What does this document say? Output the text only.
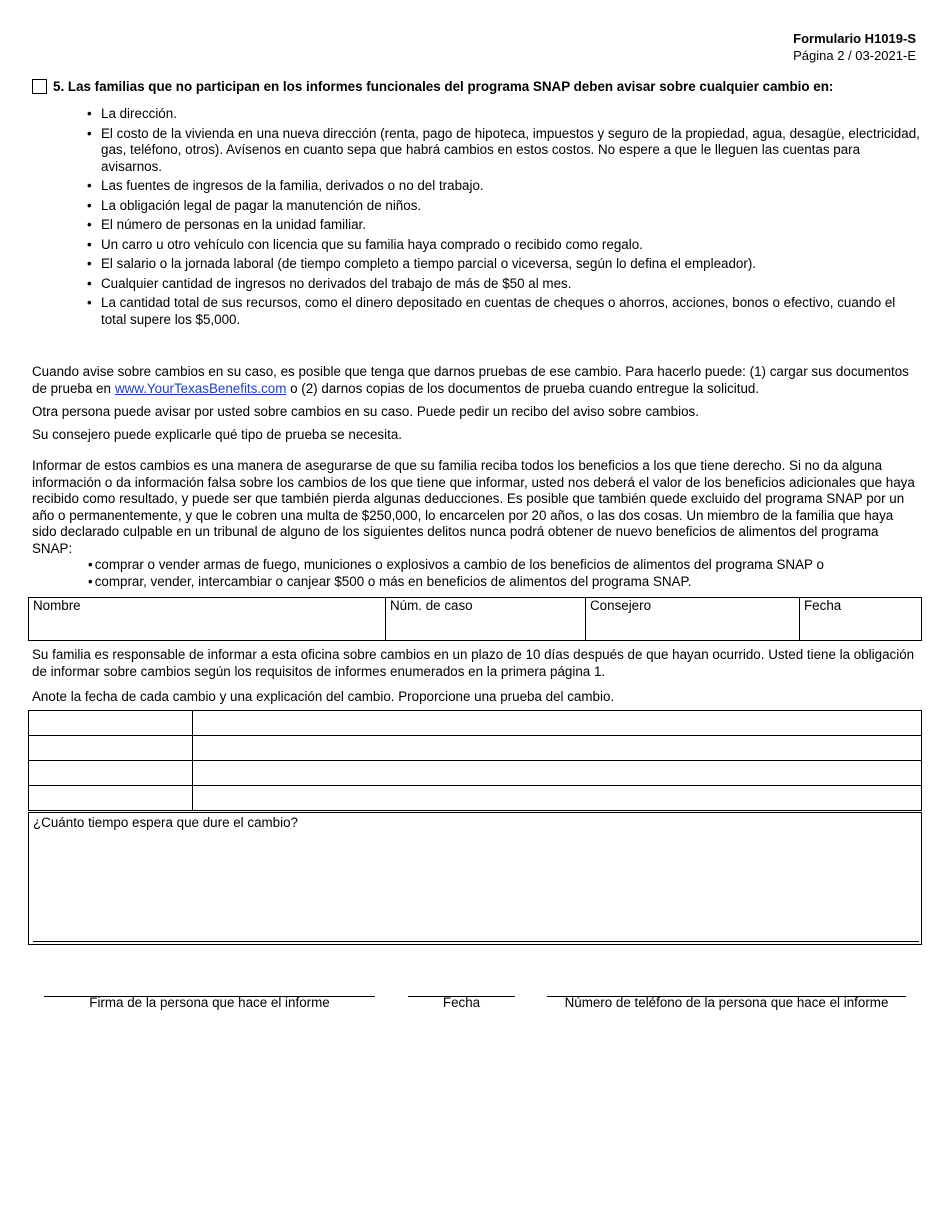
Formulario H1019-S
Página 2 / 03-2021-E
5. Las familias que no participan en los informes funcionales del programa SNAP deben avisar sobre cualquier cambio en:
• La dirección.
• El costo de la vivienda en una nueva dirección (renta, pago de hipoteca, impuestos y seguro de la propiedad, agua, desagüe, electricidad, gas, teléfono, otros). Avísenos en cuanto sepa que habrá cambios en estos costos. No espere a que le lleguen las cuentas para avisarnos.
• Las fuentes de ingresos de la familia, derivados o no del trabajo.
• La obligación legal de pagar la manutención de niños.
• El número de personas en la unidad familiar.
• Un carro u otro vehículo con licencia que su familia haya comprado o recibido como regalo.
• El salario o la jornada laboral (de tiempo completo a tiempo parcial o viceversa, según lo defina el empleador).
• Cualquier cantidad de ingresos no derivados del trabajo de más de $50 al mes.
• La cantidad total de sus recursos, como el dinero depositado en cuentas de cheques o ahorros, acciones, bonos o efectivo, cuando el total supere los $5,000.
Cuando avise sobre cambios en su caso, es posible que tenga que darnos pruebas de ese cambio. Para hacerlo puede: (1) cargar sus documentos de prueba en www.YourTexasBenefits.com o (2) darnos copias de los documentos de prueba cuando entregue la solicitud.
Otra persona puede avisar por usted sobre cambios en su caso. Puede pedir un recibo del aviso sobre cambios.
Su consejero puede explicarle qué tipo de prueba se necesita.
Informar de estos cambios es una manera de asegurarse de que su familia reciba todos los beneficios a los que tiene derecho. Si no da alguna información o da información falsa sobre los cambios de los que tiene que informar, usted nos deberá el valor de los beneficios adicionales que haya recibido como resultado, y puede ser que también pierda algunas deducciones. Es posible que también quede excluido del programa SNAP por un año o permanentemente, y que le cobren una multa de $250,000, lo encarcelen por 20 años, o las dos cosas. Un miembro de la familia que haya sido declarado culpable en un tribunal de alguno de los siguientes delitos nunca podrá obtener de nuevo beneficios de alimentos del programa SNAP:
• comprar o vender armas de fuego, municiones o explosivos a cambio de los beneficios de alimentos del programa SNAP o
• comprar, vender, intercambiar o canjear $500 o más en beneficios de alimentos del programa SNAP.
Nombre	Núm. de caso	Consejero	Fecha
Su familia es responsable de informar a esta oficina sobre cambios en un plazo de 10 días después de que hayan ocurrido. Usted tiene la obligación de informar sobre cambios según los requisitos de informes enumerados en la primera página 1.
Anote la fecha de cada cambio y una explicación del cambio. Proporcione una prueba del cambio.

¿Cuánto tiempo espera que dure el cambio?
Firma de la persona que hace el informe	Fecha	Número de teléfono de la persona que hace el informe
